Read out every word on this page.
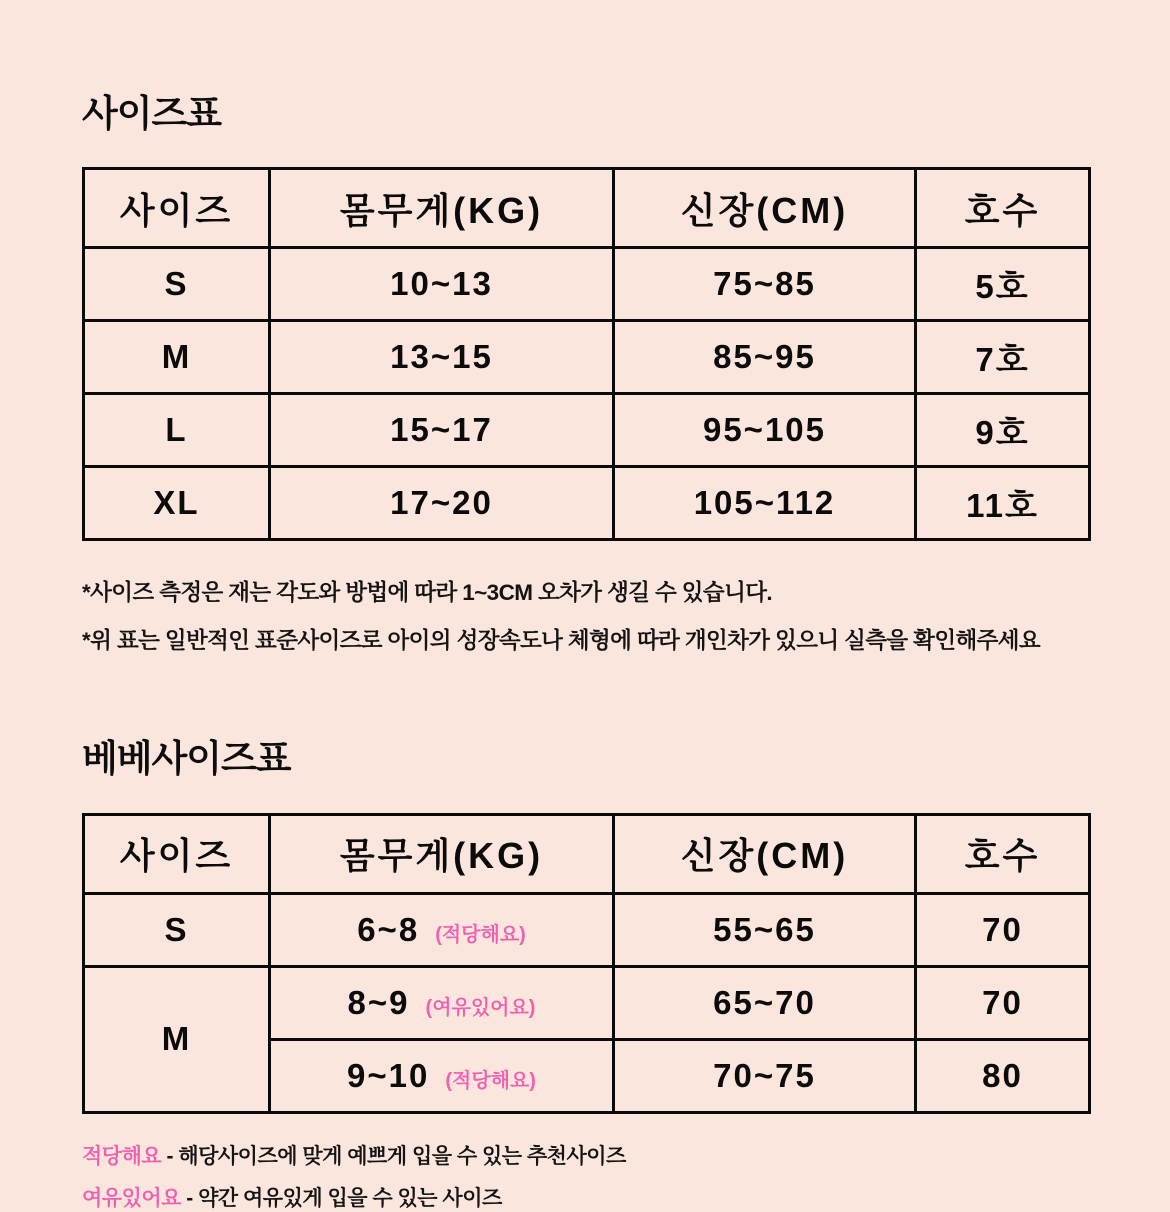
사이즈표
사이즈	몸무게(KG)	신장(CM)	호수
S	10~13	75~85	5호
M	13~15	85~95	7호
L	15~17	95~105	9호
XL	17~20	105~112	11호
*사이즈 측정은 재는 각도와 방법에 따라 1~3CM 오차가 생길 수 있습니다.
*위 표는 일반적인 표준사이즈로 아이의 성장속도나 체형에 따라 개인차가 있으니 실측을 확인해주세요
베베사이즈표
사이즈	몸무게(KG)	신장(CM)	호수
S	6~8 (적당해요)	55~65	70
M	8~9 (여유있어요)	65~70	70

	9~10 (적당해요)	70~75	80
적당해요 - 해당사이즈에 맞게 예쁘게 입을 수 있는 추천사이즈
여유있어요 - 약간 여유있게 입을 수 있는 사이즈
